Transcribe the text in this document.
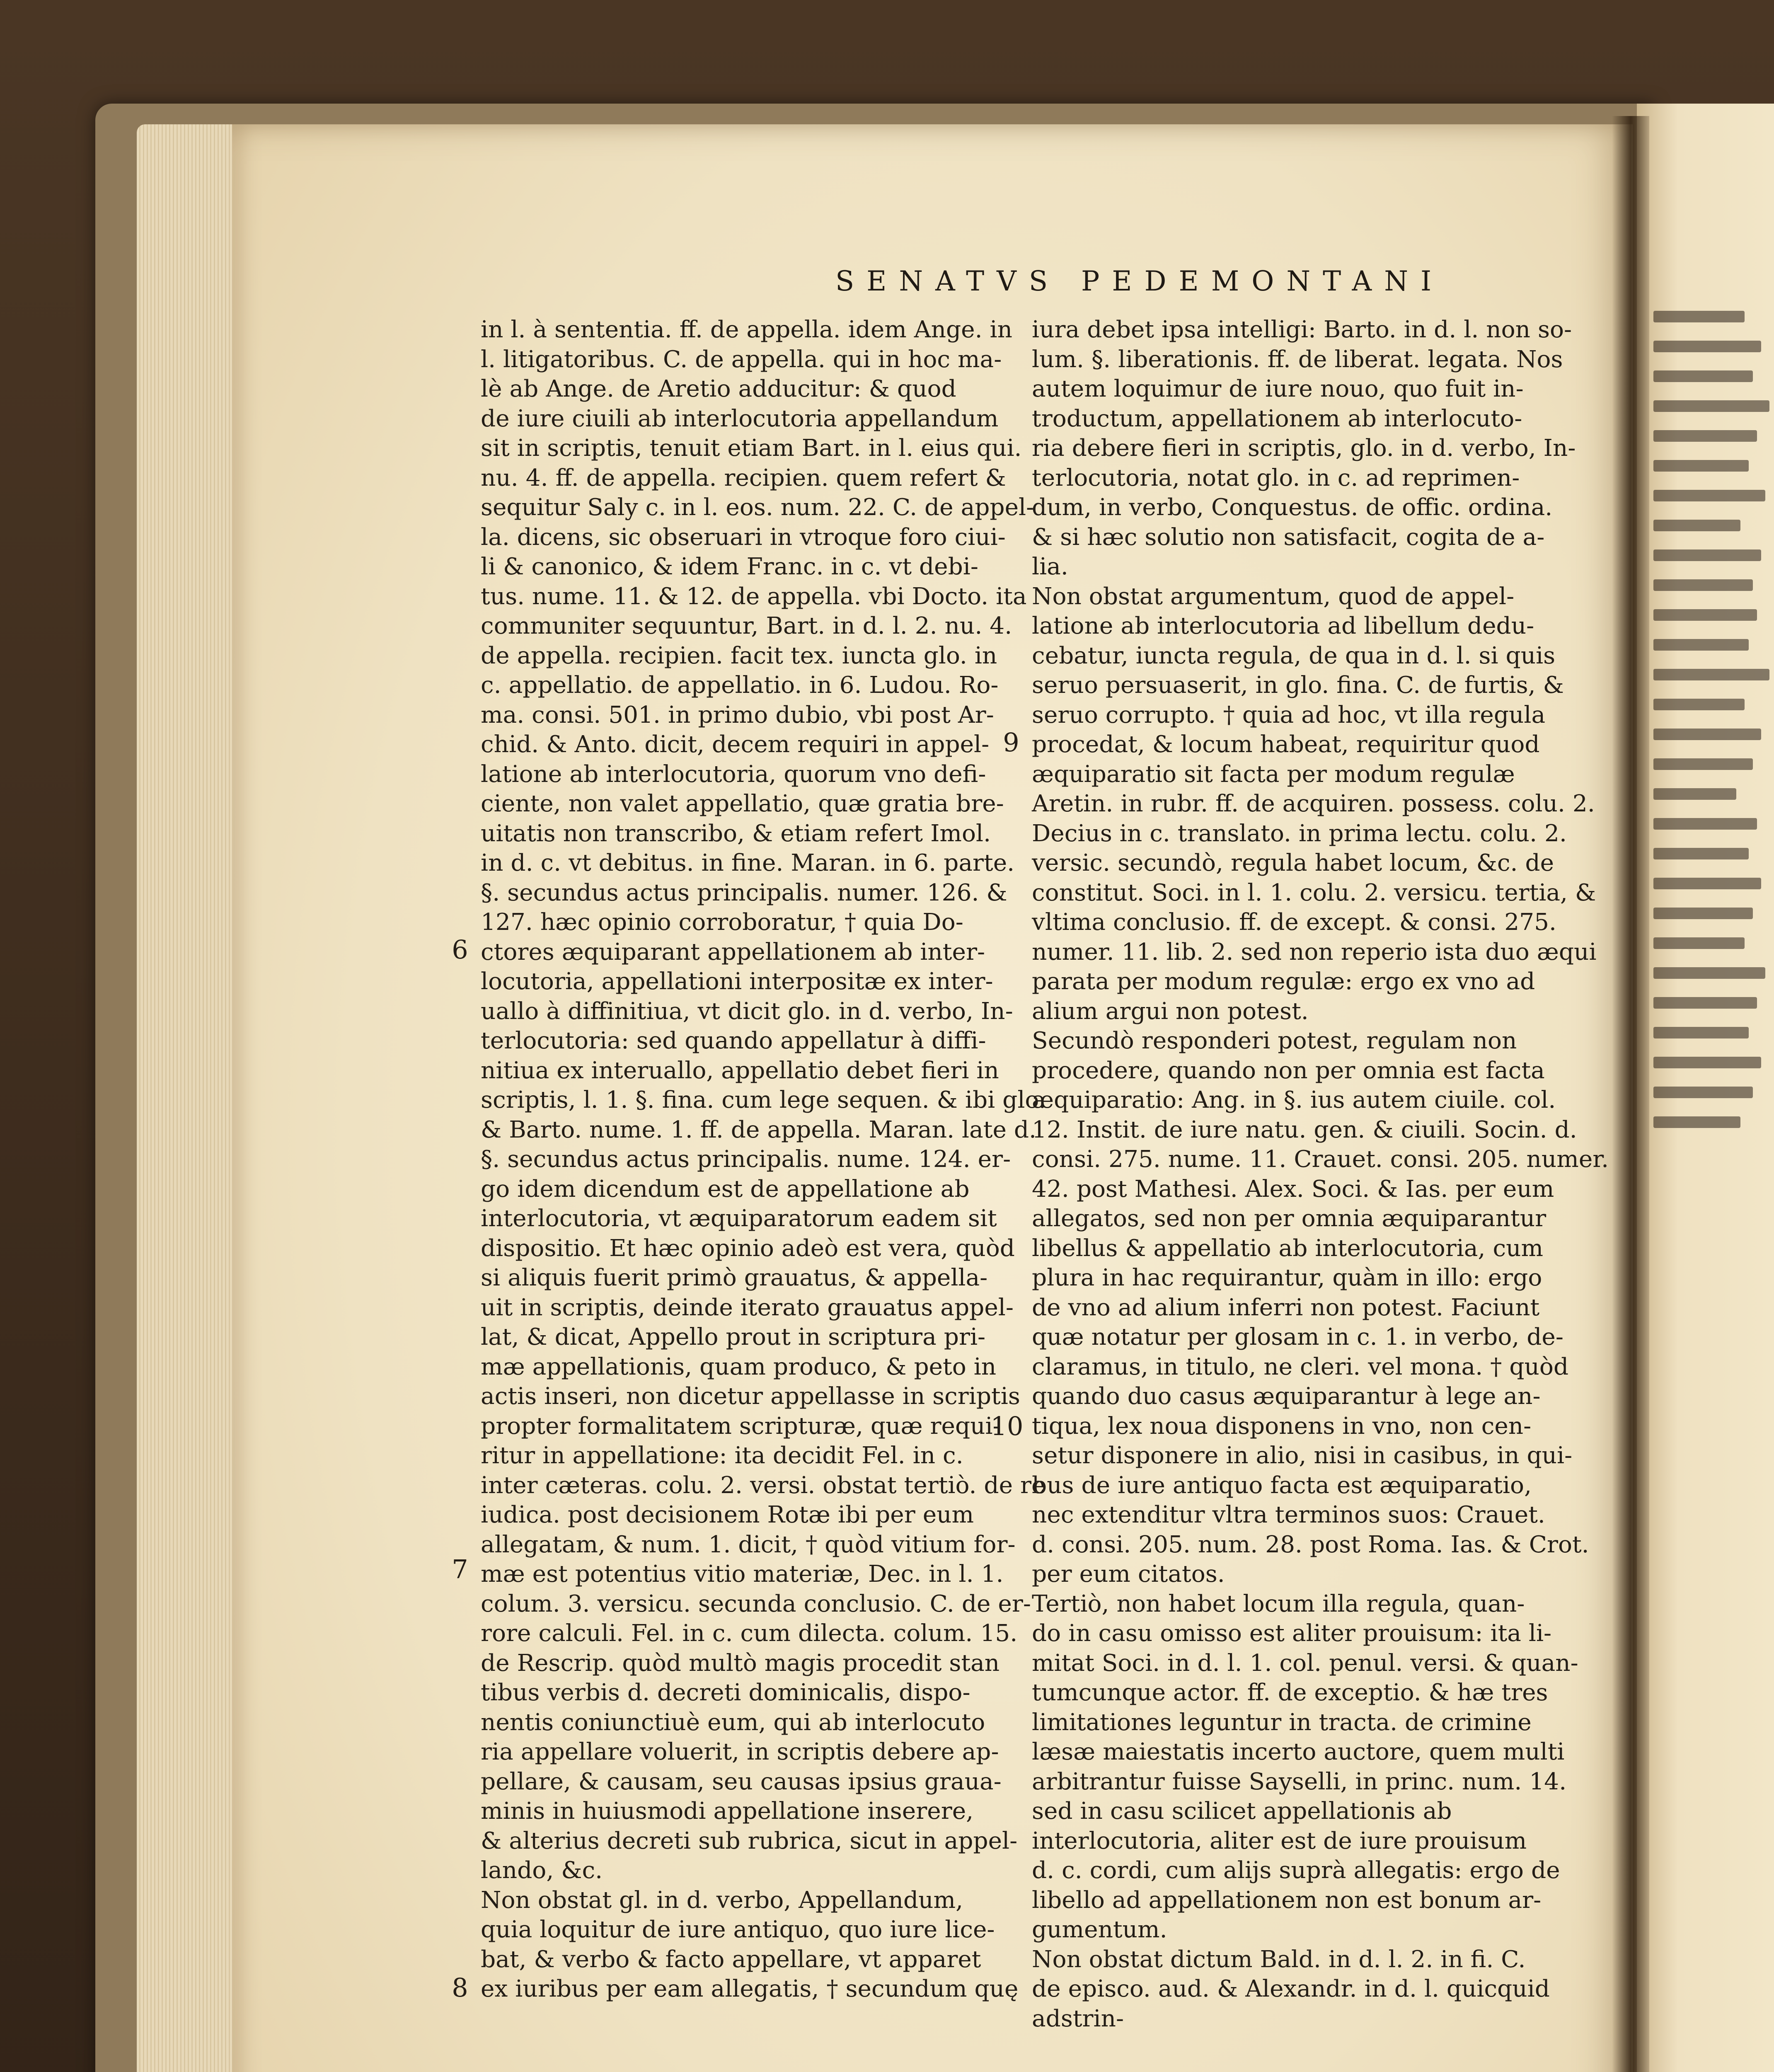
SENATVS PEDEMONTANI
in l. à sententia. ff. de appella. idem Ange. in
l. litigatoribus. C. de appella. qui in hoc ma-
lè ab Ange. de Aretio adducitur: & quod
de iure ciuili ab interlocutoria appellandum
sit in scriptis, tenuit etiam Bart. in l. eius qui.
nu. 4. ff. de appella. recipien. quem refert &
sequitur Saly c. in l. eos. num. 22. C. de appel-
la. dicens, sic obseruari in vtroque foro ciui-
li & canonico, & idem Franc. in c. vt debi-
tus. nume. 11. & 12. de appella. vbi Docto. ita
communiter sequuntur, Bart. in d. l. 2. nu. 4.
de appella. recipien. facit tex. iuncta glo. in
c. appellatio. de appellatio. in 6. Ludou. Ro-
ma. consi. 501. in primo dubio, vbi post Ar-
chid. & Anto. dicit, decem requiri in appel-
latione ab interlocutoria, quorum vno defi-
ciente, non valet appellatio, quæ gratia bre-
uitatis non transcribo, & etiam refert Imol.
in d. c. vt debitus. in fine. Maran. in 6. parte.
§. secundus actus principalis. numer. 126. &
127. hæc opinio corroboratur, † quia Do-
ctores æquiparant appellationem ab inter-
locutoria, appellationi interpositæ ex inter-
uallo à diffinitiua, vt dicit glo. in d. verbo, In-
terlocutoria: sed quando appellatur à diffi-
nitiua ex interuallo, appellatio debet fieri in
scriptis, l. 1. §. fina. cum lege sequen. & ibi glo.
& Barto. nume. 1. ff. de appella. Maran. late d.
§. secundus actus principalis. nume. 124. er-
go idem dicendum est de appellatione ab
interlocutoria, vt æquiparatorum eadem sit
dispositio. Et hæc opinio adeò est vera, quòd
si aliquis fuerit primò grauatus, & appella-
uit in scriptis, deinde iterato grauatus appel-
lat, & dicat, Appello prout in scriptura pri-
mæ appellationis, quam produco, & peto in
actis inseri, non dicetur appellasse in scriptis
propter formalitatem scripturæ, quæ requi-
ritur in appellatione: ita decidit Fel. in c.
inter cæteras. colu. 2. versi. obstat tertiò. de re
iudica. post decisionem Rotæ ibi per eum
allegatam, & num. 1. dicit, † quòd vitium for-
mæ est potentius vitio materiæ, Dec. in l. 1.
colum. 3. versicu. secunda conclusio. C. de er-
rore calculi. Fel. in c. cum dilecta. colum. 15.
de Rescrip. quòd multò magis procedit stan
tibus verbis d. decreti dominicalis, dispo-
nentis coniunctiuè eum, qui ab interlocuto
ria appellare voluerit, in scriptis debere ap-
pellare, & causam, seu causas ipsius graua-
minis in huiusmodi appellatione inserere,
& alterius decreti sub rubrica, sicut in appel-
lando, &c.
Non obstat gl. in d. verbo, Appellandum,
quia loquitur de iure antiquo, quo iure lice-
bat, & verbo & facto appellare, vt apparet
ex iuribus per eam allegatis, † secundum quę
iura debet ipsa intelligi: Barto. in d. l. non so-
lum. §. liberationis. ff. de liberat. legata. Nos
autem loquimur de iure nouo, quo fuit in-
troductum, appellationem ab interlocuto-
ria debere fieri in scriptis, glo. in d. verbo, In-
terlocutoria, notat glo. in c. ad reprimen-
dum, in verbo, Conquestus. de offic. ordina.
& si hæc solutio non satisfacit, cogita de a-
lia.
Non obstat argumentum, quod de appel-
latione ab interlocutoria ad libellum dedu-
cebatur, iuncta regula, de qua in d. l. si quis
seruo persuaserit, in glo. fina. C. de furtis, &
seruo corrupto. † quia ad hoc, vt illa regula
procedat, & locum habeat, requiritur quod
æquiparatio sit facta per modum regulæ
Aretin. in rubr. ff. de acquiren. possess. colu. 2.
Decius in c. translato. in prima lectu. colu. 2.
versic. secundò, regula habet locum, &c. de
constitut. Soci. in l. 1. colu. 2. versicu. tertia, &
vltima conclusio. ff. de except. & consi. 275.
numer. 11. lib. 2. sed non reperio ista duo æqui
parata per modum regulæ: ergo ex vno ad
alium argui non potest.
Secundò responderi potest, regulam non
procedere, quando non per omnia est facta
æquiparatio: Ang. in §. ius autem ciuile. col.
12. Instit. de iure natu. gen. & ciuili. Socin. d.
consi. 275. nume. 11. Crauet. consi. 205. numer.
42. post Mathesi. Alex. Soci. & Ias. per eum
allegatos, sed non per omnia æquiparantur
libellus & appellatio ab interlocutoria, cum
plura in hac requirantur, quàm in illo: ergo
de vno ad alium inferri non potest. Faciunt
quæ notatur per glosam in c. 1. in verbo, de-
claramus, in titulo, ne cleri. vel mona. † quòd
quando duo casus æquiparantur à lege an-
tiqua, lex noua disponens in vno, non cen-
setur disponere in alio, nisi in casibus, in qui-
bus de iure antiquo facta est æquiparatio,
nec extenditur vltra terminos suos: Crauet.
d. consi. 205. num. 28. post Roma. Ias. & Crot.
per eum citatos.
Tertiò, non habet locum illa regula, quan-
do in casu omisso est aliter prouisum: ita li-
mitat Soci. in d. l. 1. col. penul. versi. & quan-
tumcunque actor. ff. de exceptio. & hæ tres
limitationes leguntur in tracta. de crimine
læsæ maiestatis incerto auctore, quem multi
arbitrantur fuisse Sayselli, in princ. num. 14.
sed in casu scilicet appellationis ab
interlocutoria, aliter est de iure prouisum
d. c. cordi, cum alijs suprà allegatis: ergo de
libello ad appellationem non est bonum ar-
gumentum.
Non obstat dictum Bald. in d. l. 2. in fi. C.
de episco. aud. & Alexandr. in d. l. quicquid
adstrin-
6
7
8
9
10
